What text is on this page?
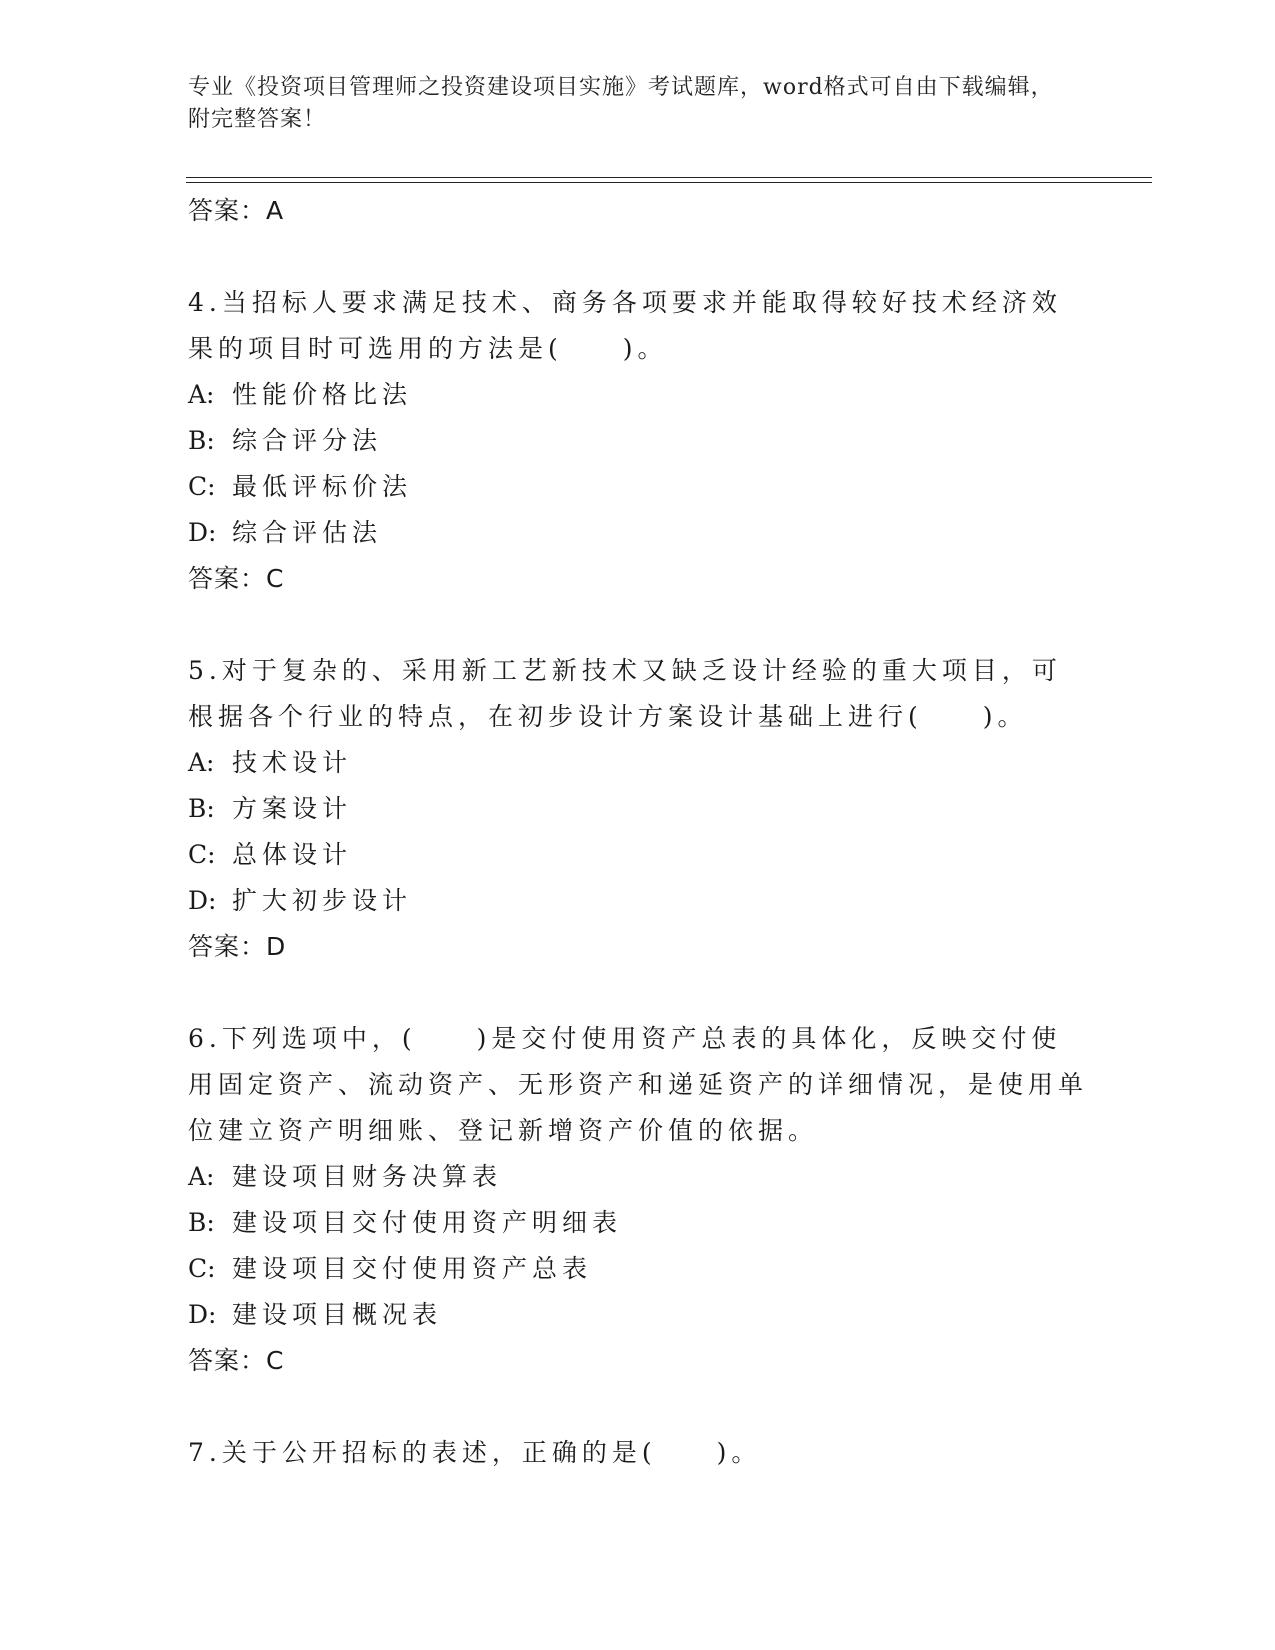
专业《投资项目管理师之投资建设项目实施》考试题库，word格式可自由下载编辑，附完整答案！
答案：A
4.当招标人要求满足技术、商务各项要求并能取得较好技术经济效果的项目时可选用的方法是(　　)。
A: 性能价格比法
B: 综合评分法
C: 最低评标价法
D: 综合评估法
答案：C
5.对于复杂的、采用新工艺新技术又缺乏设计经验的重大项目，可根据各个行业的特点，在初步设计方案设计基础上进行(　　)。
A: 技术设计
B: 方案设计
C: 总体设计
D: 扩大初步设计
答案：D
6.下列选项中，(　　)是交付使用资产总表的具体化，反映交付使用固定资产、流动资产、无形资产和递延资产的详细情况，是使用单位建立资产明细账、登记新增资产价值的依据。
A: 建设项目财务决算表
B: 建设项目交付使用资产明细表
C: 建设项目交付使用资产总表
D: 建设项目概况表
答案：C
7.关于公开招标的表述，正确的是(　　)。
